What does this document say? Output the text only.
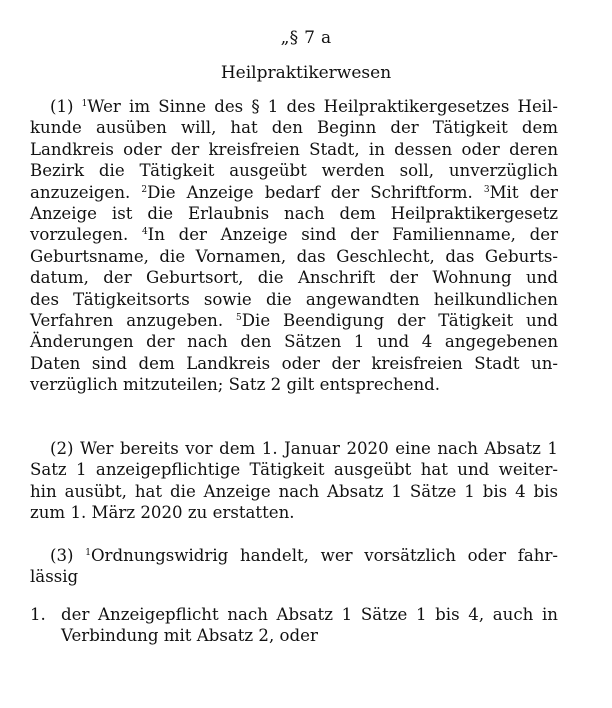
„§ 7 a
Heilpraktikerwesen
(1) $^1$Wer im Sinne des § 1 des Heilpraktikergesetzes Heil-
kunde ausüben will, hat den Beginn der Tätigkeit dem
Landkreis oder der kreisfreien Stadt, in dessen oder deren
Bezirk die Tätigkeit ausgeübt werden soll, unverzüglich
anzuzeigen. $^2$Die Anzeige bedarf der Schriftform. $^3$Mit der
Anzeige ist die Erlaubnis nach dem Heilpraktikergesetz
vorzulegen. $^4$In der Anzeige sind der Familienname, der
Geburtsname, die Vornamen, das Geschlecht, das Geburts-
datum, der Geburtsort, die Anschrift der Wohnung und
des Tätigkeitsorts sowie die angewandten heilkundlichen
Verfahren anzugeben. $^5$Die Beendigung der Tätigkeit und
Änderungen der nach den Sätzen 1 und 4 angegebenen
Daten sind dem Landkreis oder der kreisfreien Stadt un-
verzüglich mitzuteilen; Satz 2 gilt entsprechend.
(2) Wer bereits vor dem 1. Januar 2020 eine nach Absatz 1
Satz 1 anzeigepflichtige Tätigkeit ausgeübt hat und weiter-
hin ausübt, hat die Anzeige nach Absatz 1 Sätze 1 bis 4 bis
zum 1. März 2020 zu erstatten.
(3) $^1$Ordnungswidrig handelt, wer vorsätzlich oder fahr-
lässig
1. der Anzeigepflicht nach Absatz 1 Sätze 1 bis 4, auch in
Verbindung mit Absatz 2, oder
